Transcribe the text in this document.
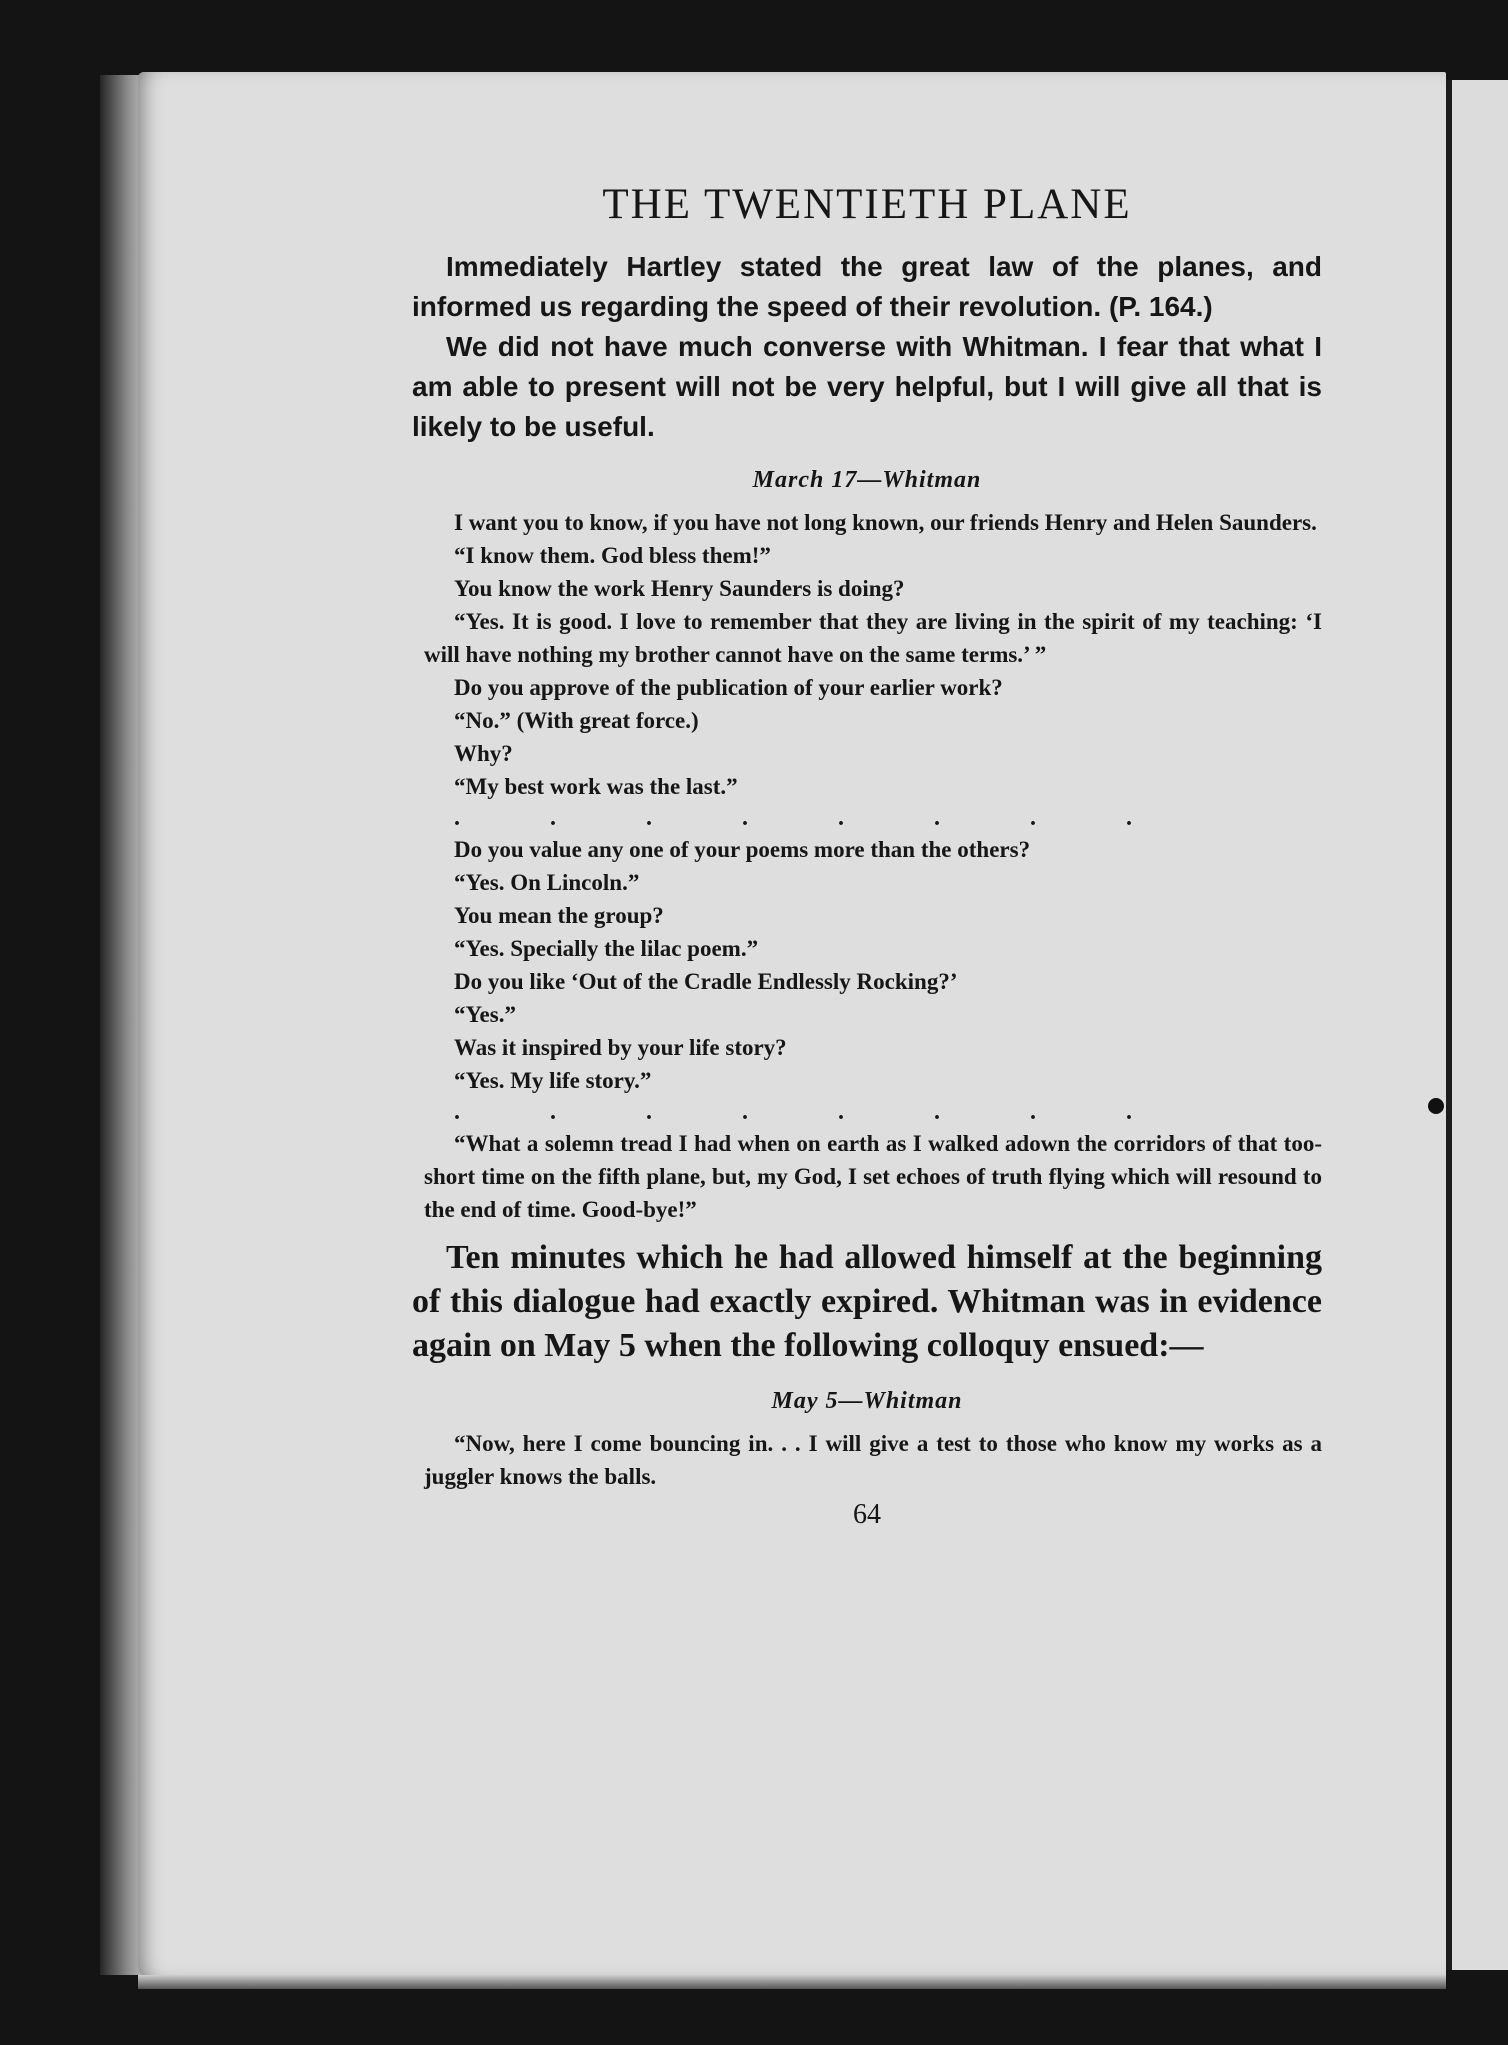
THE TWENTIETH PLANE

Immediately Hartley stated the great law of the planes, and informed us regarding the speed of their revolution. (P. 164.)

We did not have much converse with Whitman. I fear that what I am able to present will not be very helpful, but I will give all that is likely to be useful.

March 17—Whitman

I want you to know, if you have not long known, our friends Henry and Helen Saunders.

“I know them. God bless them!”

You know the work Henry Saunders is doing?

“Yes. It is good. I love to remember that they are living in the spirit of my teaching: ‘I will have nothing my brother cannot have on the same terms.’ ”

Do you approve of the publication of your earlier work?

“No.” (With great force.)

Why?

“My best work was the last.”

. . . . . . . .

Do you value any one of your poems more than the others?

“Yes. On Lincoln.”

You mean the group?

“Yes. Specially the lilac poem.”

Do you like ‘Out of the Cradle Endlessly Rocking?’

“Yes.”

Was it inspired by your life story?

“Yes. My life story.”

. . . . . . . .

“What a solemn tread I had when on earth as I walked adown the corridors of that too-short time on the fifth plane, but, my God, I set echoes of truth flying which will resound to the end of time. Good-bye!”

Ten minutes which he had allowed himself at the beginning of this dialogue had exactly expired. Whitman was in evidence again on May 5 when the following colloquy ensued:—

May 5—Whitman

“Now, here I come bouncing in. . . I will give a test to those who know my works as a juggler knows the balls.

64
